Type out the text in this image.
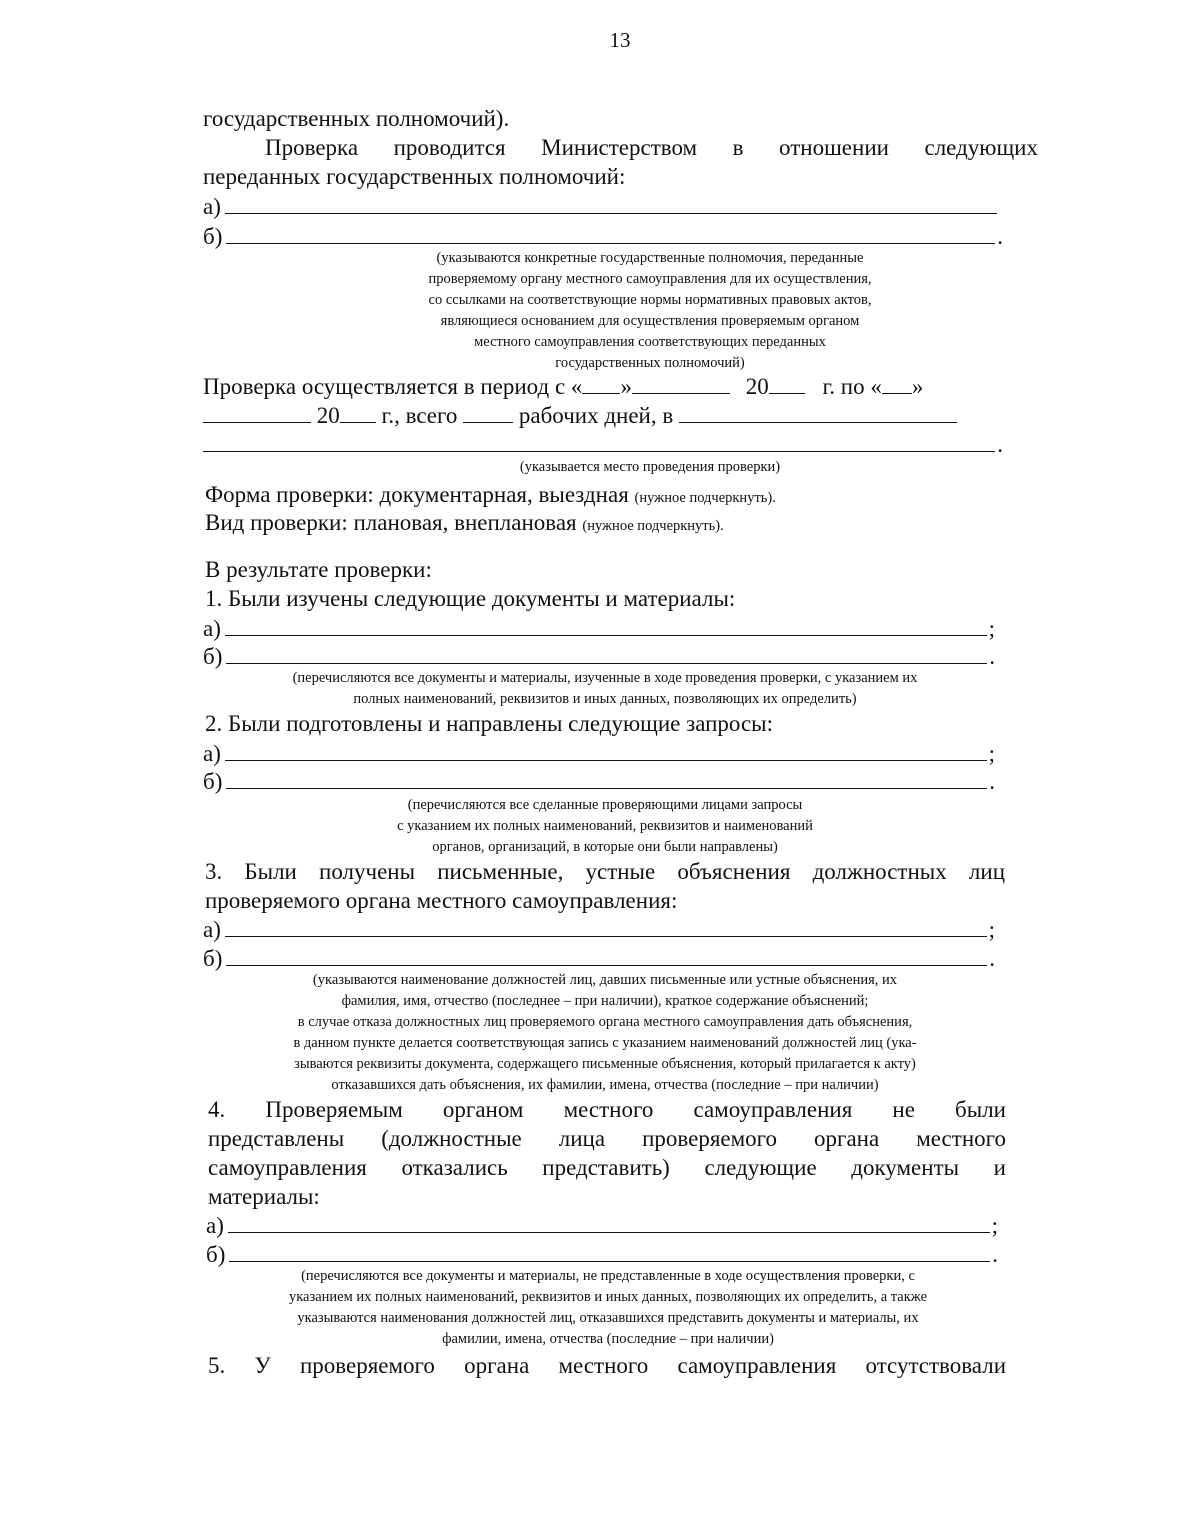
13
государственных полномочий).
Проверка проводится Министерством в отношении следующих
переданных государственных полномочий:
а)
б)	.
(указываются конкретные государственные полномочия, переданные
проверяемому органу местного самоуправления для их осуществления,
со ссылками на соответствующие нормы нормативных правовых актов,
являющиеся основанием для осуществления проверяемым органом
местного самоуправления соответствующих переданных
государственных полномочий)
Проверка осуществляется в период с « »	20 г. по « »
20 г., всего	рабочих дней, в
.
(указывается место проведения проверки)
Форма проверки: документарная, выездная (нужное подчеркнуть).
Вид проверки: плановая, внеплановая (нужное подчеркнуть).
В результате проверки:
1. Были изучены следующие документы и материалы:
а)	;
б)	.
(перечисляются все документы и материалы, изученные в ходе проведения проверки, с указанием их
полных наименований, реквизитов и иных данных, позволяющих их определить)
2. Были подготовлены и направлены следующие запросы:
а)	;
б)	.
(перечисляются все сделанные проверяющими лицами запросы
с указанием их полных наименований, реквизитов и наименований
органов, организаций, в которые они были направлены)
3. Были получены письменные, устные объяснения должностных лиц
проверяемого органа местного самоуправления:
а)	;
б)	.
(указываются наименование должностей лиц, давших письменные или устные объяснения, их
фамилия, имя, отчество (последнее – при наличии), краткое содержание объяснений;
в случае отказа должностных лиц проверяемого органа местного самоуправления дать объяснения,
в данном пункте делается соответствующая запись с указанием наименований должностей лиц (ука-
зываются реквизиты документа, содержащего письменные объяснения, который прилагается к акту)
отказавшихся дать объяснения, их фамилии, имена, отчества (последние – при наличии)
4. Проверяемым органом местного самоуправления не были
представлены (должностные лица проверяемого органа местного
самоуправления отказались представить) следующие документы и
материалы:
а)	;
б)	.
(перечисляются все документы и материалы, не представленные в ходе осуществления проверки, с
указанием их полных наименований, реквизитов и иных данных, позволяющих их определить, а также
указываются наименования должностей лиц, отказавшихся представить документы и материалы, их
фамилии, имена, отчества (последние – при наличии)
5. У проверяемого органа местного самоуправления отсутствовали
